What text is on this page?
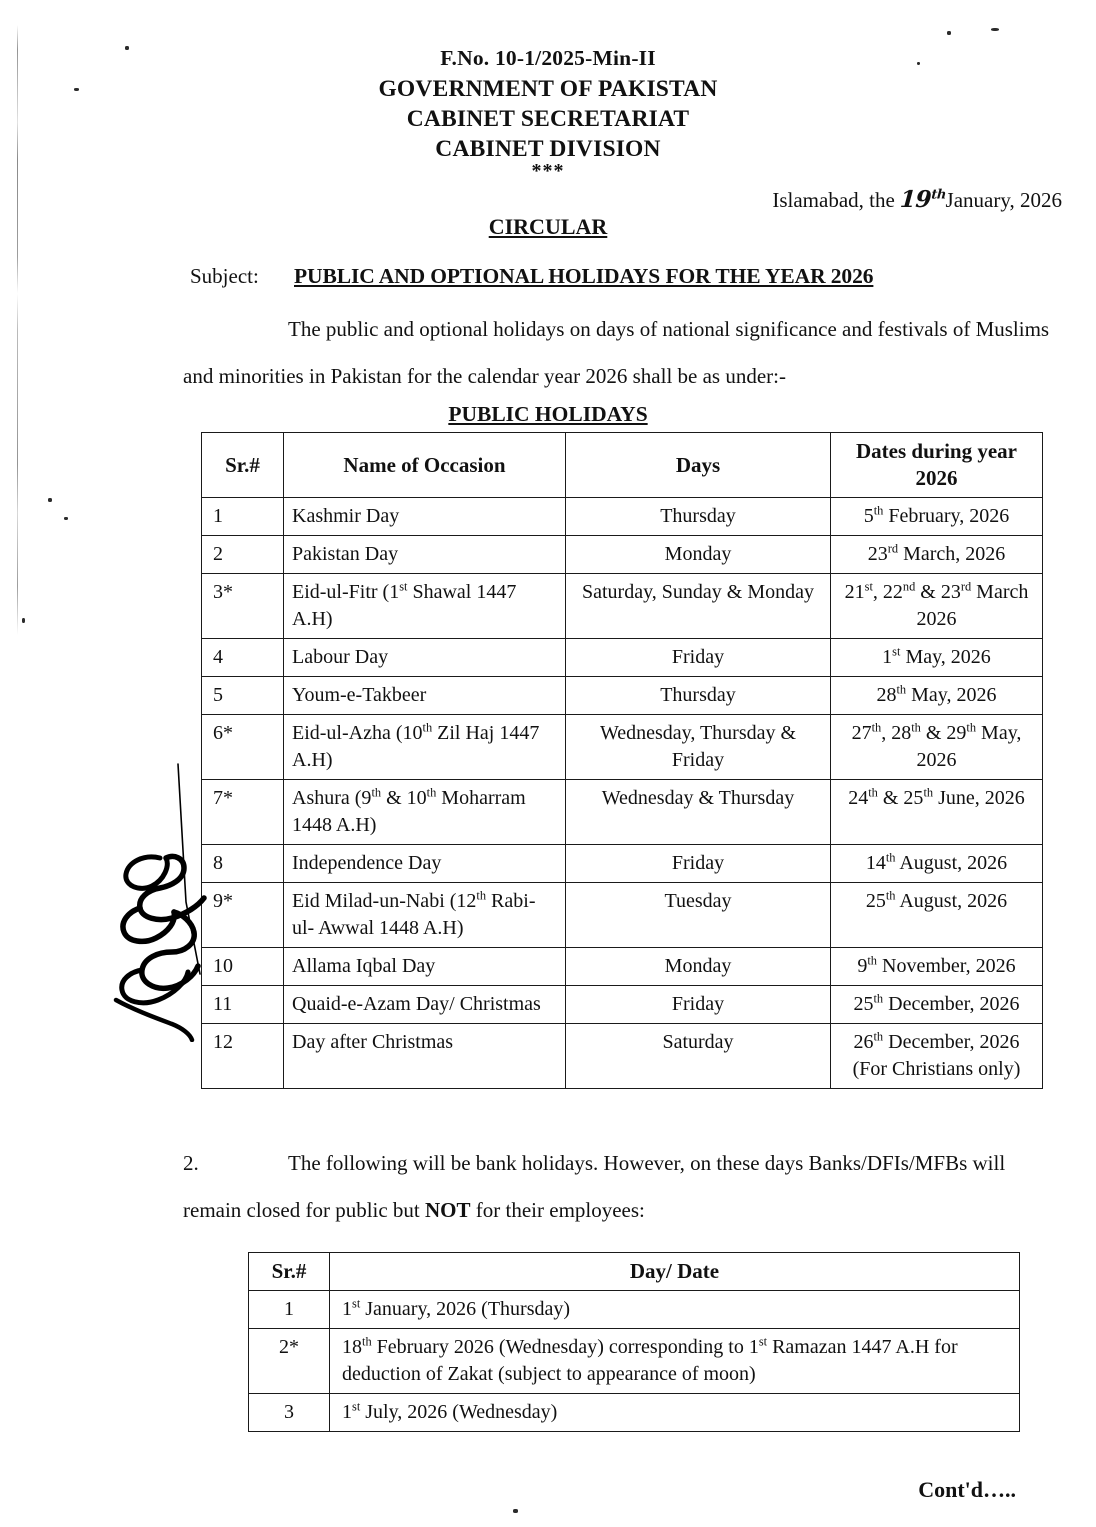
F.No. 10-1/2025-Min-II
GOVERNMENT OF PAKISTAN
CABINET SECRETARIAT
CABINET DIVISION
***
Islamabad, the 19thJanuary, 2026
CIRCULAR
Subject: PUBLIC AND OPTIONAL HOLIDAYS FOR THE YEAR 2026
The public and optional holidays on days of national significance and festivals of Muslims and minorities in Pakistan for the calendar year 2026 shall be as under:-
PUBLIC HOLIDAYS
Sr.#	Name of Occasion	Days	Dates during year 2026
1	Kashmir Day	Thursday	5th February, 2026
2	Pakistan Day	Monday	23rd March, 2026
3*	Eid-ul-Fitr (1st Shawal 1447 A.H)	Saturday, Sunday & Monday	21st, 22nd & 23rd March 2026
4	Labour Day	Friday	1st May, 2026
5	Youm-e-Takbeer	Thursday	28th May, 2026
6*	Eid-ul-Azha (10th Zil Haj 1447 A.H)	Wednesday, Thursday & Friday	27th, 28th & 29th May, 2026
7*	Ashura (9th & 10th Moharram 1448 A.H)	Wednesday & Thursday	24th & 25th June, 2026
8	Independence Day	Friday	14th August, 2026
9*	Eid Milad-un-Nabi (12th Rabi-ul- Awwal 1448 A.H)	Tuesday	25th August, 2026
10	Allama Iqbal Day	Monday	9th November, 2026
11	Quaid-e-Azam Day/ Christmas	Friday	25th December, 2026
12	Day after Christmas	Saturday	26th December, 2026 (For Christians only)
2.	The following will be bank holidays. However, on these days Banks/DFIs/MFBs will remain closed for public but NOT for their employees:
Sr.#	Day/ Date
1	1st January, 2026 (Thursday)
2*	18th February 2026 (Wednesday) corresponding to 1st Ramazan 1447 A.H for deduction of Zakat (subject to appearance of moon)
3	1st July, 2026 (Wednesday)
Cont'd…..
